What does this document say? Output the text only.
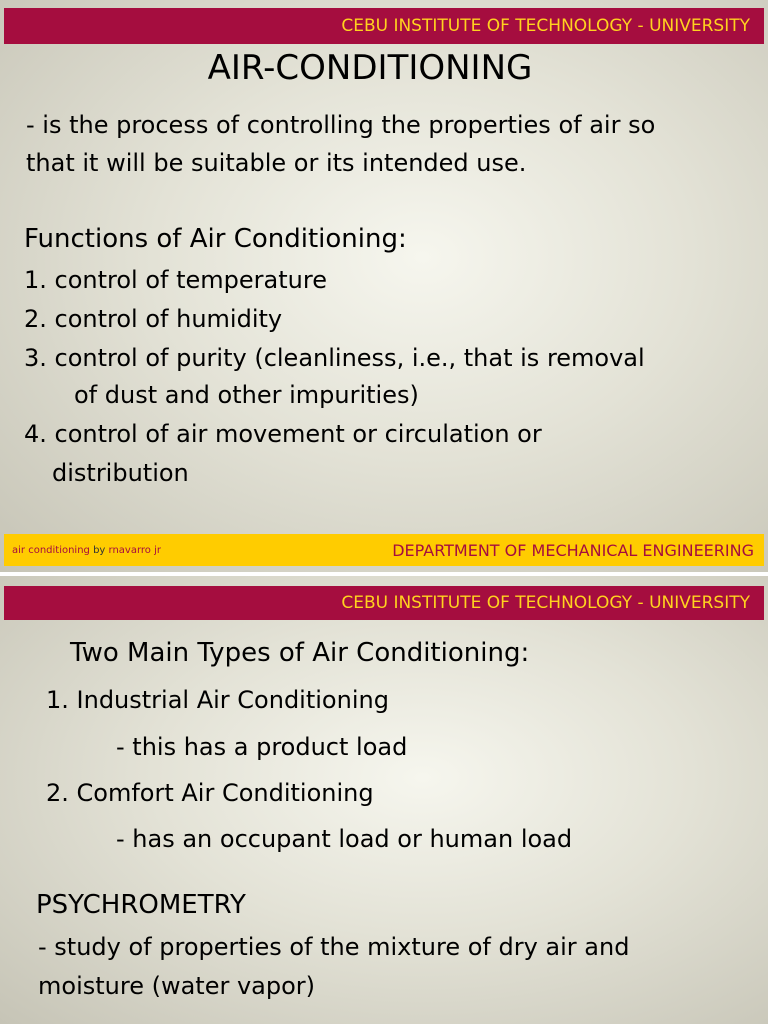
CEBU INSTITUTE OF TECHNOLOGY - UNIVERSITY
AIR-CONDITIONING
- is the process of controlling the properties of air so
that it will be suitable or its intended use.
Functions of Air Conditioning:
1. control of temperature
2. control of humidity
3. control of purity (cleanliness, i.e., that is removal
of dust and other impurities)
4. control of air movement or circulation or
distribution
air conditioning by rnavarro jr	DEPARTMENT OF MECHANICAL ENGINEERING
CEBU INSTITUTE OF TECHNOLOGY - UNIVERSITY
Two Main Types of Air Conditioning:
1. Industrial Air Conditioning
- this has a product load
2. Comfort Air Conditioning
- has an occupant load or human load
PSYCHROMETRY
- study of properties of the mixture of dry air and
moisture (water vapor)
